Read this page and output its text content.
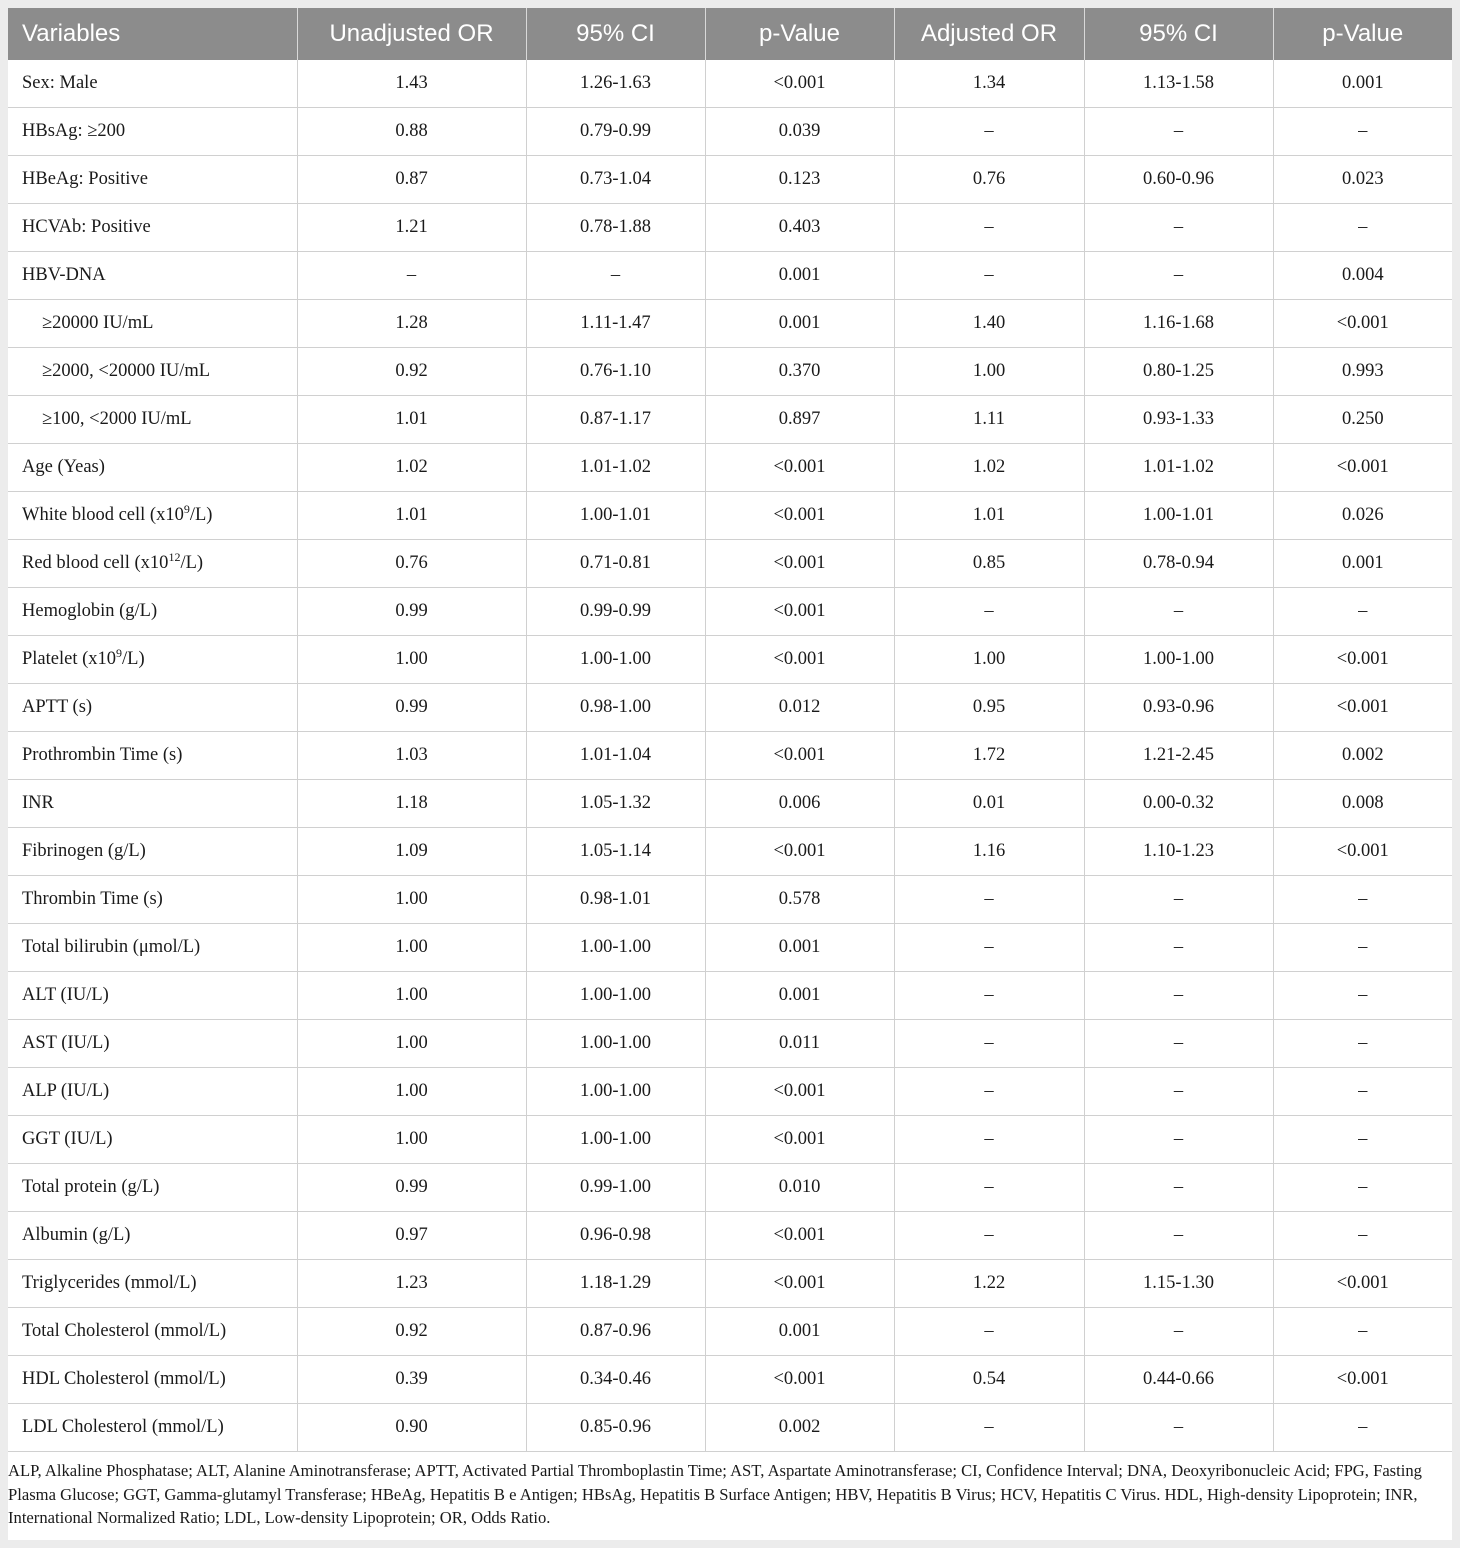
Variables	Unadjusted OR	95% CI	p-Value	Adjusted OR	95% CI	p-Value
Sex: Male	1.43	1.26-1.63	<0.001	1.34	1.13-1.58	0.001
HBsAg: ≥200	0.88	0.79-0.99	0.039	–	–	–
HBeAg: Positive	0.87	0.73-1.04	0.123	0.76	0.60-0.96	0.023
HCVAb: Positive	1.21	0.78-1.88	0.403	–	–	–
HBV-DNA	–	–	0.001	–	–	0.004
≥20000 IU/mL	1.28	1.11-1.47	0.001	1.40	1.16-1.68	<0.001
≥2000, <20000 IU/mL	0.92	0.76-1.10	0.370	1.00	0.80-1.25	0.993
≥100, <2000 IU/mL	1.01	0.87-1.17	0.897	1.11	0.93-1.33	0.250
Age (Yeas)	1.02	1.01-1.02	<0.001	1.02	1.01-1.02	<0.001
White blood cell $(x10^9/L)$	1.01	1.00-1.01	<0.001	1.01	1.00-1.01	0.026
Red blood cell $(x10^{12}/L)$	0.76	0.71-0.81	<0.001	0.85	0.78-0.94	0.001
Hemoglobin (g/L)	0.99	0.99-0.99	<0.001	–	–	–
Platelet $(x10^9/L)$	1.00	1.00-1.00	<0.001	1.00	1.00-1.00	<0.001
APTT (s)	0.99	0.98-1.00	0.012	0.95	0.93-0.96	<0.001
Prothrombin Time (s)	1.03	1.01-1.04	<0.001	1.72	1.21-2.45	0.002
INR	1.18	1.05-1.32	0.006	0.01	0.00-0.32	0.008
Fibrinogen (g/L)	1.09	1.05-1.14	<0.001	1.16	1.10-1.23	<0.001
Thrombin Time (s)	1.00	0.98-1.01	0.578	–	–	–
Total bilirubin (μmol/L)	1.00	1.00-1.00	0.001	–	–	–
ALT (IU/L)	1.00	1.00-1.00	0.001	–	–	–
AST (IU/L)	1.00	1.00-1.00	0.011	–	–	–
ALP (IU/L)	1.00	1.00-1.00	<0.001	–	–	–
GGT (IU/L)	1.00	1.00-1.00	<0.001	–	–	–
Total protein (g/L)	0.99	0.99-1.00	0.010	–	–	–
Albumin (g/L)	0.97	0.96-0.98	<0.001	–	–	–
Triglycerides (mmol/L)	1.23	1.18-1.29	<0.001	1.22	1.15-1.30	<0.001
Total Cholesterol (mmol/L)	0.92	0.87-0.96	0.001	–	–	–
HDL Cholesterol (mmol/L)	0.39	0.34-0.46	<0.001	0.54	0.44-0.66	<0.001
LDL Cholesterol (mmol/L)	0.90	0.85-0.96	0.002	–	–	–
ALP, Alkaline Phosphatase; ALT, Alanine Aminotransferase; APTT, Activated Partial Thromboplastin Time; AST, Aspartate Aminotransferase; CI, Confidence Interval; DNA, Deoxyribonucleic Acid; FPG, Fasting Plasma Glucose; GGT, Gamma-glutamyl Transferase; HBeAg, Hepatitis B e Antigen; HBsAg, Hepatitis B Surface Antigen; HBV, Hepatitis B Virus; HCV, Hepatitis C Virus. HDL, High-density Lipoprotein; INR, International Normalized Ratio; LDL, Low-density Lipoprotein; OR, Odds Ratio.
